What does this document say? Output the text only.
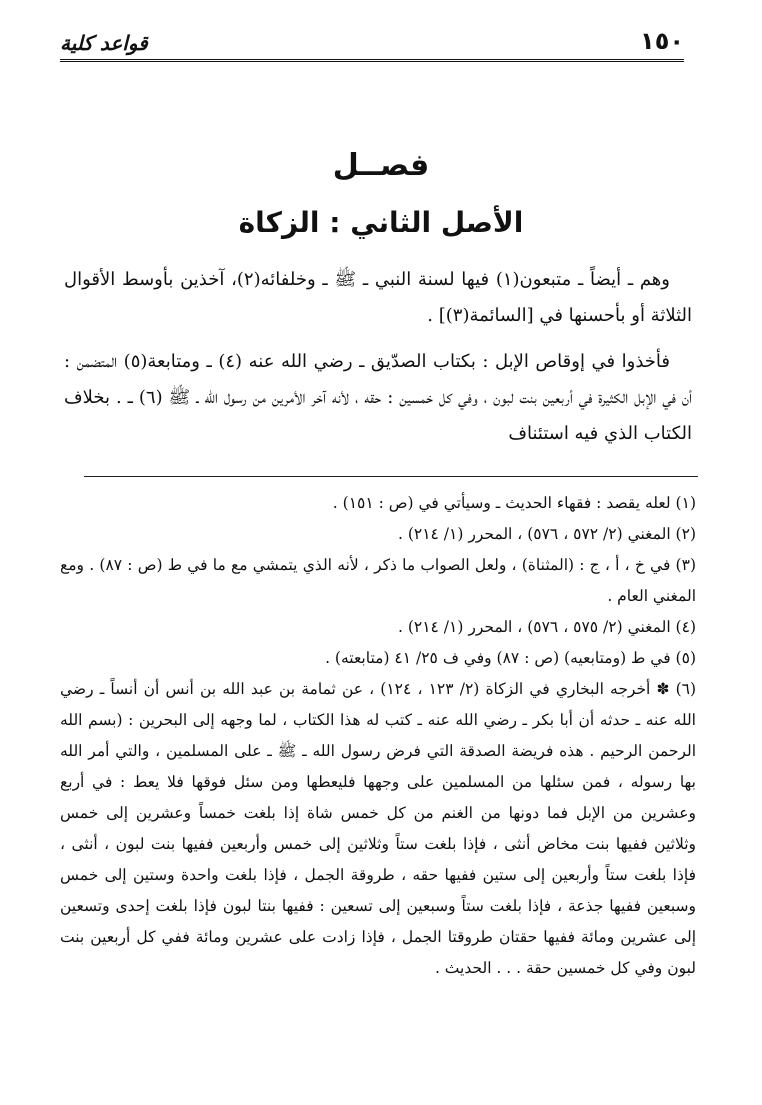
١٥٠
قواعد كلية
فصــل
الأصل الثاني : الزكاة

وهم ـ أيضاً ـ متبعون(١) فيها لسنة النبي ـ ﷺ ـ وخلفائه(٢)، آخذين بأوسط الأقوال الثلاثة أو بأحسنها في [السائمة(٣)] .

فأخذوا في إوقاص الإبل : بكتاب الصدّيق ـ رضي الله عنه (٤) ـ ومتابعة(٥) المتضمن : أن في الإبل الكثيرة في أربعين بنت لبون ، وفي كل خمسين : حقه ، لأنه آخر الأمرين من رسول الله ـ ﷺ (٦) ـ . بخلاف الكتاب الذي فيه استئناف

(١) لعله يقصد : فقهاء الحديث ـ وسيأتي في (ص : ١٥١) .

(٢) المغني (٢/ ٥٧٢ ، ٥٧٦) ، المحرر (١/ ٢١٤) .

(٣) في خ ، أ ، ج : (المثناة) ، ولعل الصواب ما ذكر ، لأنه الذي يتمشي مع ما في ط (ص : ٨٧) . ومع المغني العام .

(٤) المغني (٢/ ٥٧٥ ، ٥٧٦) ، المحرر (١/ ٢١٤) .

(٥) في ط (ومتابعيه) (ص : ٨٧) وفي ف ٢٥/ ٤١ (متابعته) .

(٦) ✽ أخرجه البخاري في الزكاة (٢/ ١٢٣ ، ١٢٤) ، عن ثمامة بن عبد الله بن أنس أن أنساً ـ رضي الله عنه ـ حدثه أن أبا بكر ـ رضي الله عنه ـ كتب له هذا الكتاب ، لما وجهه إلى البحرين : (بسم الله الرحمن الرحيم . هذه فريضة الصدقة التي فرض رسول الله ـ ﷺ ـ على المسلمين ، والتي أمر الله بها رسوله ، فمن سئلها من المسلمين على وجهها فليعطها ومن سئل فوقها فلا يعط : في أربع وعشرين من الإبل فما دونها من الغنم من كل خمس شاة إذا بلغت خمساً وعشرين إلى خمس وثلاثين ففيها بنت مخاض أنثى ، فإذا بلغت ستاً وثلاثين إلى خمس وأربعين ففيها بنت لبون ، أنثى ، فإذا بلغت ستاً وأربعين إلى ستين ففيها حقه ، طروقة الجمل ، فإذا بلغت واحدة وستين إلى خمس وسبعين ففيها جذعة ، فإذا بلغت ستاً وسبعين إلى تسعين : ففيها بنتا لبون فإذا بلغت إحدى وتسعين إلى عشرين ومائة ففيها حقتان طروقتا الجمل ، فإذا زادت على عشرين ومائة ففي كل أربعين بنت لبون وفي كل خمسين حقة . . . الحديث .
